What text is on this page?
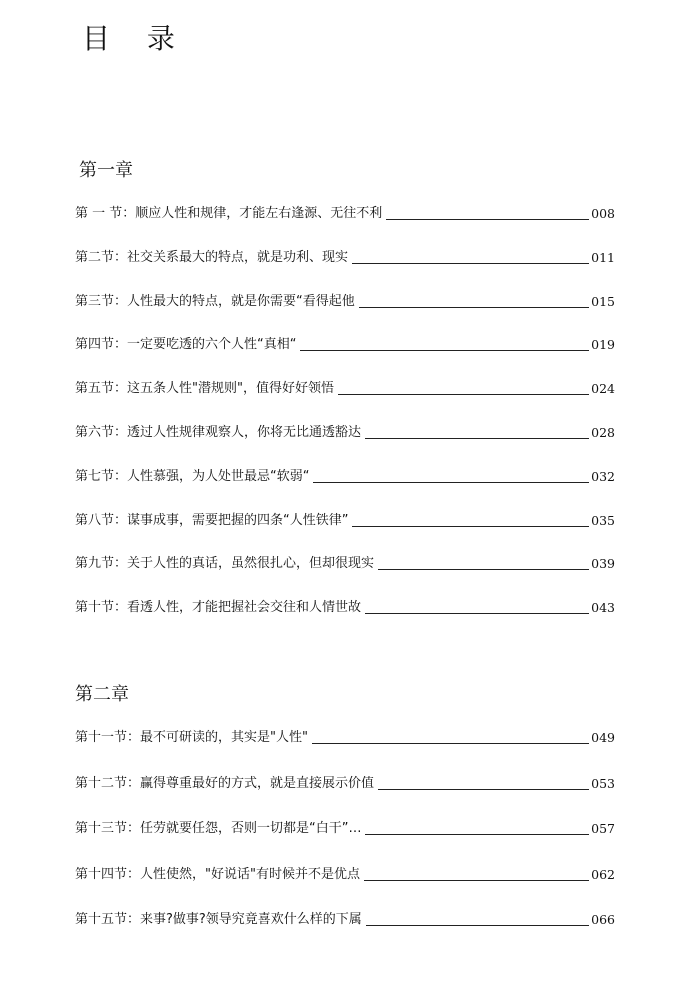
目 录
第一章
第 一 节：顺应人性和规律，才能左右逢源、无往不利	008
第二节：社交关系最大的特点，就是功利、现实	011
第三节：人性最大的特点，就是你需要“看得起他	015
第四节：一定要吃透的六个人性“真相“	019
第五节：这五条人性"潜规则"，值得好好领悟	024
第六节：透过人性规律观察人，你将无比通透豁达	028
第七节：人性慕强，为人处世最忌“软弱“	032
第八节：谋事成事，需要把握的四条“人性铁律”	035
第九节：关于人性的真话，虽然很扎心，但却很现实	039
第十节：看透人性，才能把握社会交往和人情世故	043
第二章
第十一节：最不可研读的，其实是"人性"	049
第十二节：赢得尊重最好的方式，就是直接展示价值	053
第十三节：任劳就要任怨，否则一切都是“白干”…	057
第十四节：人性使然，"好说话"有时候并不是优点	062
第十五节：来事?做事?领导究竟喜欢什么样的下属	066
